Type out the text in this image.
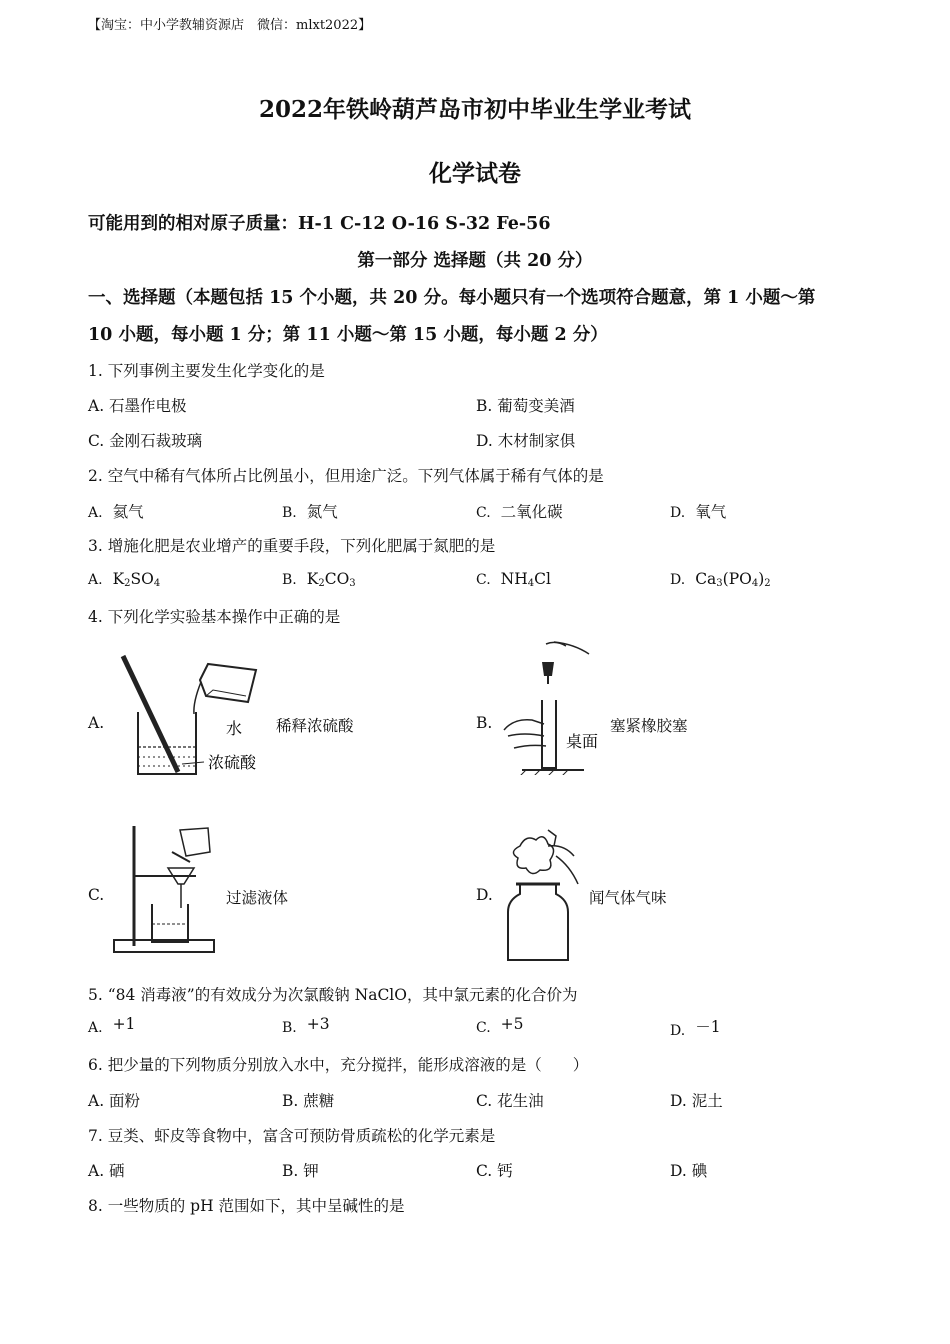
【淘宝：中小学教辅资源店　微信：mlxt2022】
2022年铁岭葫芦岛市初中毕业生学业考试
化学试卷
可能用到的相对原子质量：H-1 C-12 O-16 S-32 Fe-56
第一部分 选择题（共 20 分）
一、选择题（本题包括 15 个小题，共 20 分。每小题只有一个选项符合题意，第 1 小题～第
10 小题，每小题 1 分；第 11 小题～第 15 小题，每小题 2 分）
1. 下列事例主要发生化学变化的是
A. 石墨作电极	B. 葡萄变美酒
C. 金刚石裁玻璃	D. 木材制家俱
2. 空气中稀有气体所占比例虽小，但用途广泛。下列气体属于稀有气体的是
A. 氦气	B. 氮气	C. 二氧化碳	D. 氧气
3. 增施化肥是农业增产的重要手段，下列化肥属于氮肥的是
A. $K_2SO_4$	B. $K_2CO_3$	C. $NH_4Cl$	D. $Ca_3(PO_4)_2$
4. 下列化学实验基本操作中正确的是
A.	水
浓硫酸
稀释浓硫酸	B.
桌面
塞紧橡胶塞
C.	过滤液体	D.	闻气体气味
5. “84 消毒液”的有效成分为次氯酸钠 NaClO，其中氯元素的化合价为
A. +1	B. +3	C. +5	D. －1
6. 把少量的下列物质分别放入水中，充分搅拌，能形成溶液的是（　　）
A. 面粉	B. 蔗糖	C. 花生油	D. 泥土
7. 豆类、虾皮等食物中，富含可预防骨质疏松的化学元素是
A. 硒	B. 钾	C. 钙	D. 碘
8. 一些物质的 pH 范围如下，其中呈碱性的是
